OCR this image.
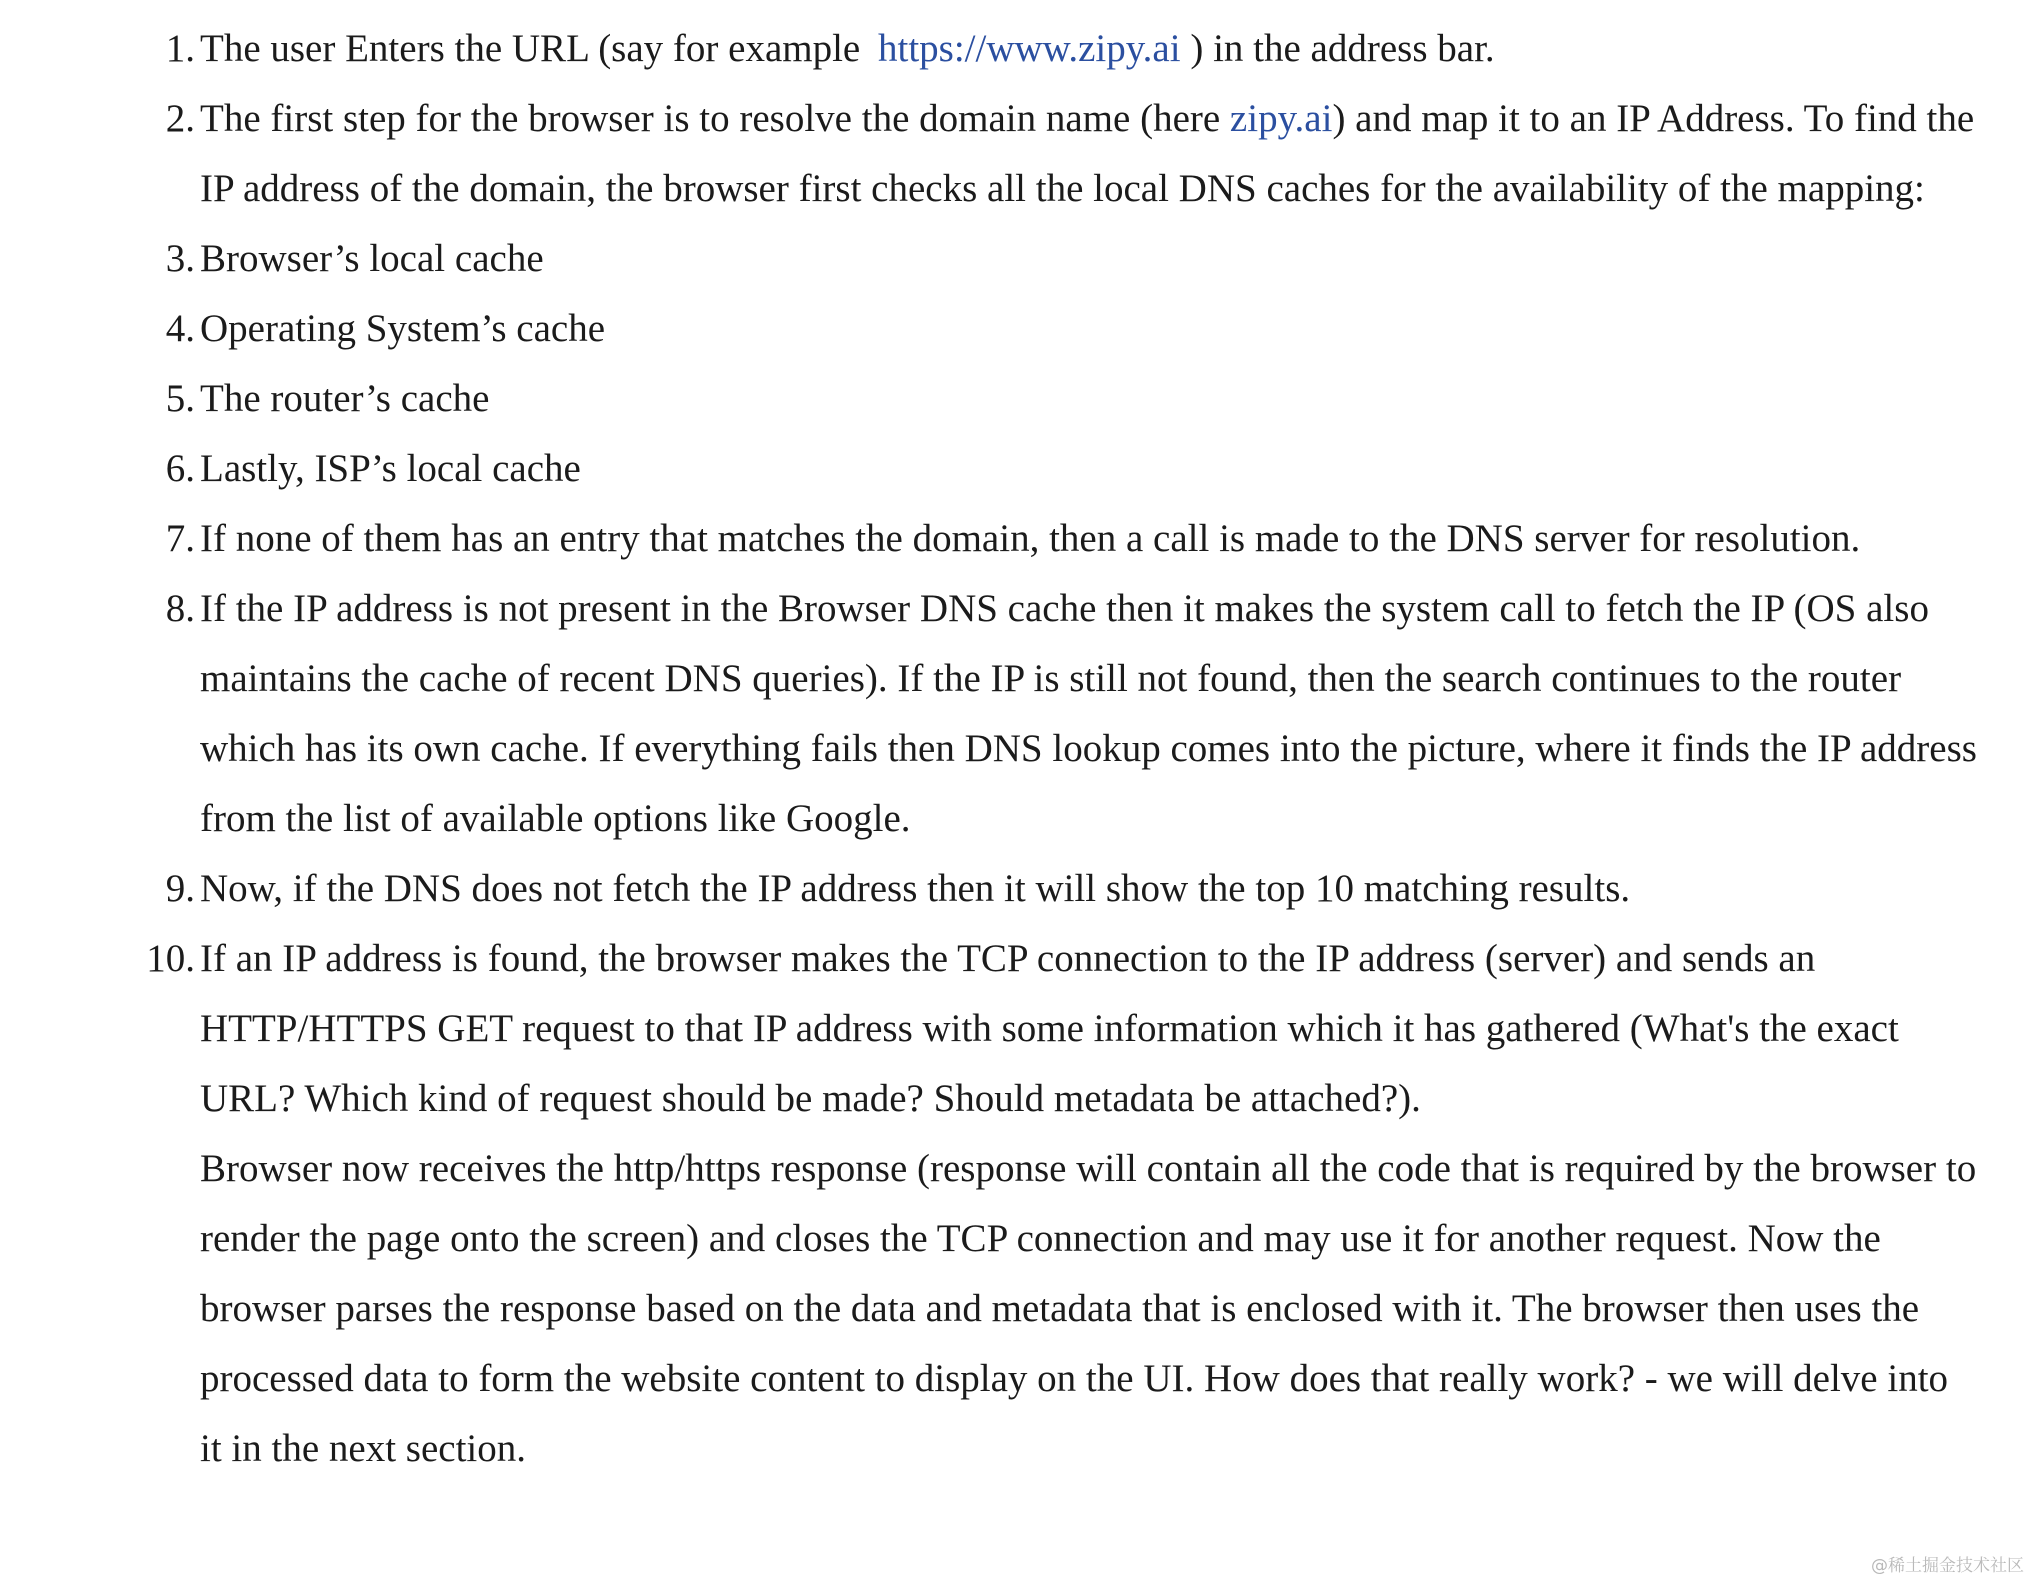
1. The user Enters the URL (say for example https://www.zipy.ai ) in the address bar.
2. The first step for the browser is to resolve the domain name (here zipy.ai) and map it to an IP Address. To find the IP address of the domain, the browser first checks all the local DNS caches for the availability of the mapping:
3. Browser’s local cache
4. Operating System’s cache
5. The router’s cache
6. Lastly, ISP’s local cache
7. If none of them has an entry that matches the domain, then a call is made to the DNS server for resolution.
8. If the IP address is not present in the Browser DNS cache then it makes the system call to fetch the IP (OS also maintains the cache of recent DNS queries). If the IP is still not found, then the search continues to the router which has its own cache. If everything fails then DNS lookup comes into the picture, where it finds the IP address from the list of available options like Google.
9. Now, if the DNS does not fetch the IP address then it will show the top 10 matching results.
10. If an IP address is found, the browser makes the TCP connection to the IP address (server) and sends an HTTP/HTTPS GET request to that IP address with some information which it has gathered (What's the exact URL? Which kind of request should be made? Should metadata be attached?).
Browser now receives the http/https response (response will contain all the code that is required by the browser to render the page onto the screen) and closes the TCP connection and may use it for another request. Now the browser parses the response based on the data and metadata that is enclosed with it. The browser then uses the processed data to form the website content to display on the UI. How does that really work? - we will delve into it in the next section.
@稀土掘金技术社区
